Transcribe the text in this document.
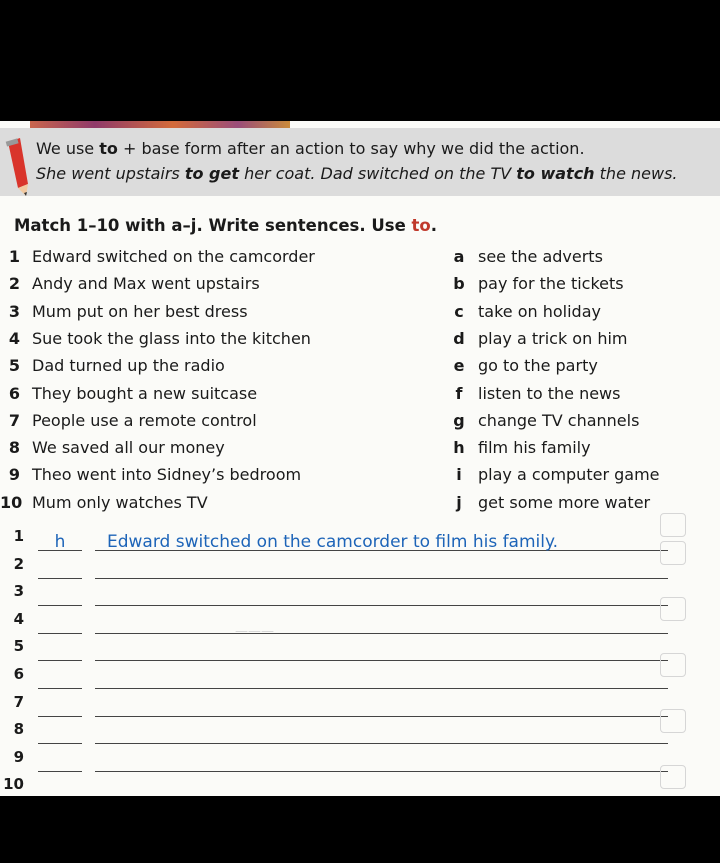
We use to + base form after an action to say why we did the action.
She went upstairs to get her coat. Dad switched on the TV to watch the news.
Match 1–10 with a–j. Write sentences. Use to.
1 Edward switched on the camcorder
2 Andy and Max went upstairs
3 Mum put on her best dress
4 Sue took the glass into the kitchen
5 Dad turned up the radio
6 They bought a new suitcase
7 People use a remote control
8 We saved all our money
9 Theo went into Sidney’s bedroom
10 Mum only watches TV
a see the adverts
b pay for the tickets
c take on holiday
d play a trick on him
e go to the party
f listen to the news
g change TV channels
h film his family
i play a computer game
j get some more water
1	h	Edward switched on the camcorder to film his family.
2
3
4
5
6
7
8
9
10
———
